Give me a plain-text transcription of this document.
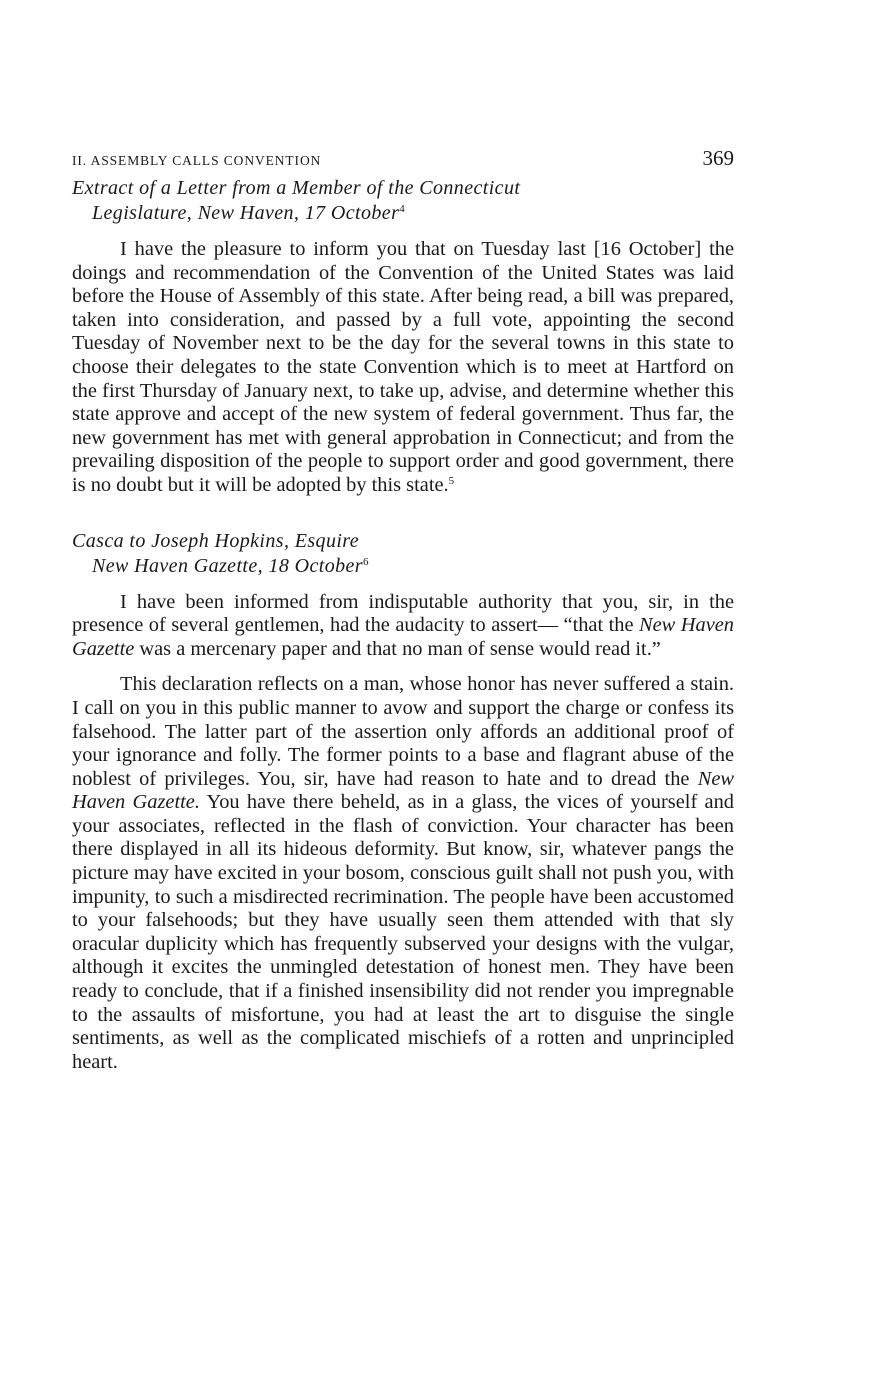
II. ASSEMBLY CALLS CONVENTION	369
Extract of a Letter from a Member of the Connecticut
Legislature, New Haven, 17 October$^4$

I have the pleasure to inform you that on Tuesday last [16 October] the doings and recommendation of the Convention of the United States was laid before the House of Assembly of this state. After being read, a bill was prepared, taken into consideration, and passed by a full vote, appointing the second Tuesday of November next to be the day for the several towns in this state to choose their delegates to the state Convention which is to meet at Hartford on the first Thursday of January next, to take up, advise, and determine whether this state approve and accept of the new system of federal government. Thus far, the new government has met with general approbation in Connecticut; and from the prevailing disposition of the people to support order and good government, there is no doubt but it will be adopted by this state.$^5$

Casca to Joseph Hopkins, Esquire
New Haven Gazette, 18 October$^6$

I have been informed from indisputable authority that you, sir, in the presence of several gentlemen, had the audacity to assert— “that the New Haven Gazette was a mercenary paper and that no man of sense would read it.”

This declaration reflects on a man, whose honor has never suffered a stain. I call on you in this public manner to avow and support the charge or confess its falsehood. The latter part of the assertion only affords an additional proof of your ignorance and folly. The former points to a base and flagrant abuse of the noblest of privileges. You, sir, have had reason to hate and to dread the New Haven Gazette. You have there beheld, as in a glass, the vices of yourself and your associates, reflected in the flash of conviction. Your character has been there displayed in all its hideous deformity. But know, sir, whatever pangs the picture may have excited in your bosom, conscious guilt shall not push you, with impunity, to such a misdirected recrimination. The people have been accustomed to your falsehoods; but they have usually seen them attended with that sly oracular duplicity which has frequently subserved your designs with the vulgar, although it excites the unmingled detestation of honest men. They have been ready to conclude, that if a finished insensibility did not render you impregnable to the assaults of misfortune, you had at least the art to disguise the single sentiments, as well as the complicated mischiefs of a rotten and unprincipled heart.
